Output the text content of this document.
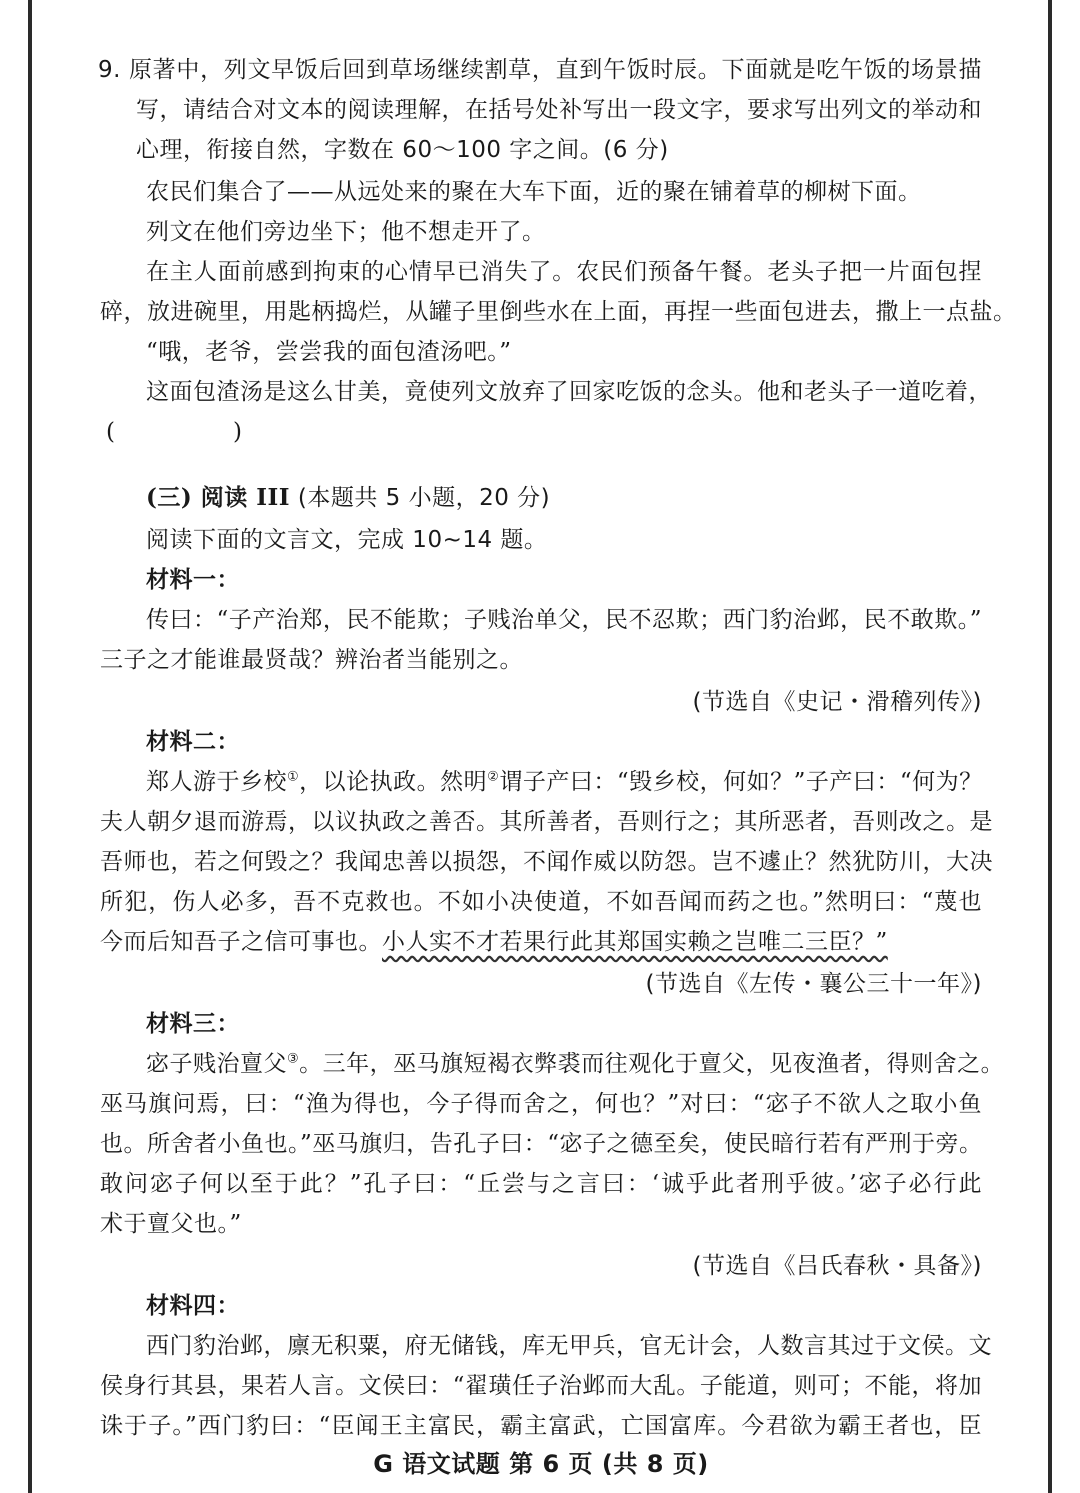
9. 原著中，列文早饭后回到草场继续割草，直到午饭时辰。下面就是吃午饭的场景描
写，请结合对文本的阅读理解，在括号处补写出一段文字，要求写出列文的举动和
心理，衔接自然，字数在 60～100 字之间。(6 分)
农民们集合了——从远处来的聚在大车下面，近的聚在铺着草的柳树下面。
列文在他们旁边坐下；他不想走开了。
在主人面前感到拘束的心情早已消失了。农民们预备午餐。老头子把一片面包捏
碎，放进碗里，用匙柄捣烂，从罐子里倒些水在上面，再捏一些面包进去，撒上一点盐。
“哦，老爷，尝尝我的面包渣汤吧。”
这面包渣汤是这么甘美，竟使列文放弃了回家吃饭的念头。他和老头子一道吃着，
(　　　　　)
(三) 阅读 III (本题共 5 小题，20 分)
阅读下面的文言文，完成 10~14 题。
材料一：
传曰：“子产治郑，民不能欺；子贱治单父，民不忍欺；西门豹治邺，民不敢欺。”
三子之才能谁最贤哉？辨治者当能别之。
(节选自《史记・滑稽列传》)
材料二：
郑人游于乡校①，以论执政。然明②谓子产曰：“毁乡校，何如？”子产曰：“何为？
夫人朝夕退而游焉，以议执政之善否。其所善者，吾则行之；其所恶者，吾则改之。是
吾师也，若之何毁之？我闻忠善以损怨，不闻作威以防怨。岂不遽止？然犹防川，大决
所犯，伤人必多，吾不克救也。不如小决使道，不如吾闻而药之也。”然明曰：“蔑也
今而后知吾子之信可事也。小人实不才若果行此其郑国实赖之岂唯二三臣？”
(节选自《左传・襄公三十一年》)
材料三：
宓子贱治亶父③。三年，巫马旗短褐衣弊裘而往观化于亶父，见夜渔者，得则舍之。
巫马旗问焉，曰：“渔为得也，今子得而舍之，何也？”对曰：“宓子不欲人之取小鱼
也。所舍者小鱼也。”巫马旗归，告孔子曰：“宓子之德至矣，使民暗行若有严刑于旁。
敢问宓子何以至于此？”孔子曰：“丘尝与之言曰：‘诚乎此者刑乎彼。’宓子必行此
术于亶父也。”
(节选自《吕氏春秋・具备》)
材料四：
西门豹治邺，廪无积粟，府无储钱，库无甲兵，官无计会，人数言其过于文侯。文
侯身行其县，果若人言。文侯曰：“翟璜任子治邺而大乱。子能道，则可；不能，将加
诛于子。”西门豹曰：“臣闻王主富民，霸主富武，亡国富库。今君欲为霸王者也，臣
G 语文试题 第 6 页 (共 8 页)
